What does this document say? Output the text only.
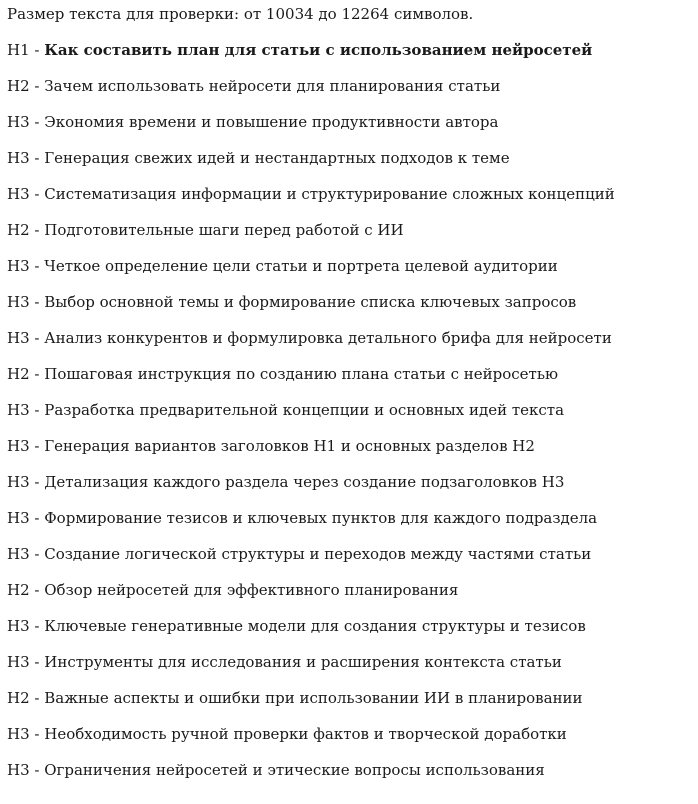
Размер текста для проверки: от 10034 до 12264 символов.
H1 - Как составить план для статьи с использованием нейросетей
H2 - Зачем использовать нейросети для планирования статьи
H3 - Экономия времени и повышение продуктивности автора
H3 - Генерация свежих идей и нестандартных подходов к теме
H3 - Систематизация информации и структурирование сложных концепций
H2 - Подготовительные шаги перед работой с ИИ
H3 - Четкое определение цели статьи и портрета целевой аудитории
H3 - Выбор основной темы и формирование списка ключевых запросов
H3 - Анализ конкурентов и формулировка детального брифа для нейросети
H2 - Пошаговая инструкция по созданию плана статьи с нейросетью
H3 - Разработка предварительной концепции и основных идей текста
H3 - Генерация вариантов заголовков H1 и основных разделов H2
H3 - Детализация каждого раздела через создание подзаголовков H3
H3 - Формирование тезисов и ключевых пунктов для каждого подраздела
H3 - Создание логической структуры и переходов между частями статьи
H2 - Обзор нейросетей для эффективного планирования
H3 - Ключевые генеративные модели для создания структуры и тезисов
H3 - Инструменты для исследования и расширения контекста статьи
H2 - Важные аспекты и ошибки при использовании ИИ в планировании
H3 - Необходимость ручной проверки фактов и творческой доработки
H3 - Ограничения нейросетей и этические вопросы использования
